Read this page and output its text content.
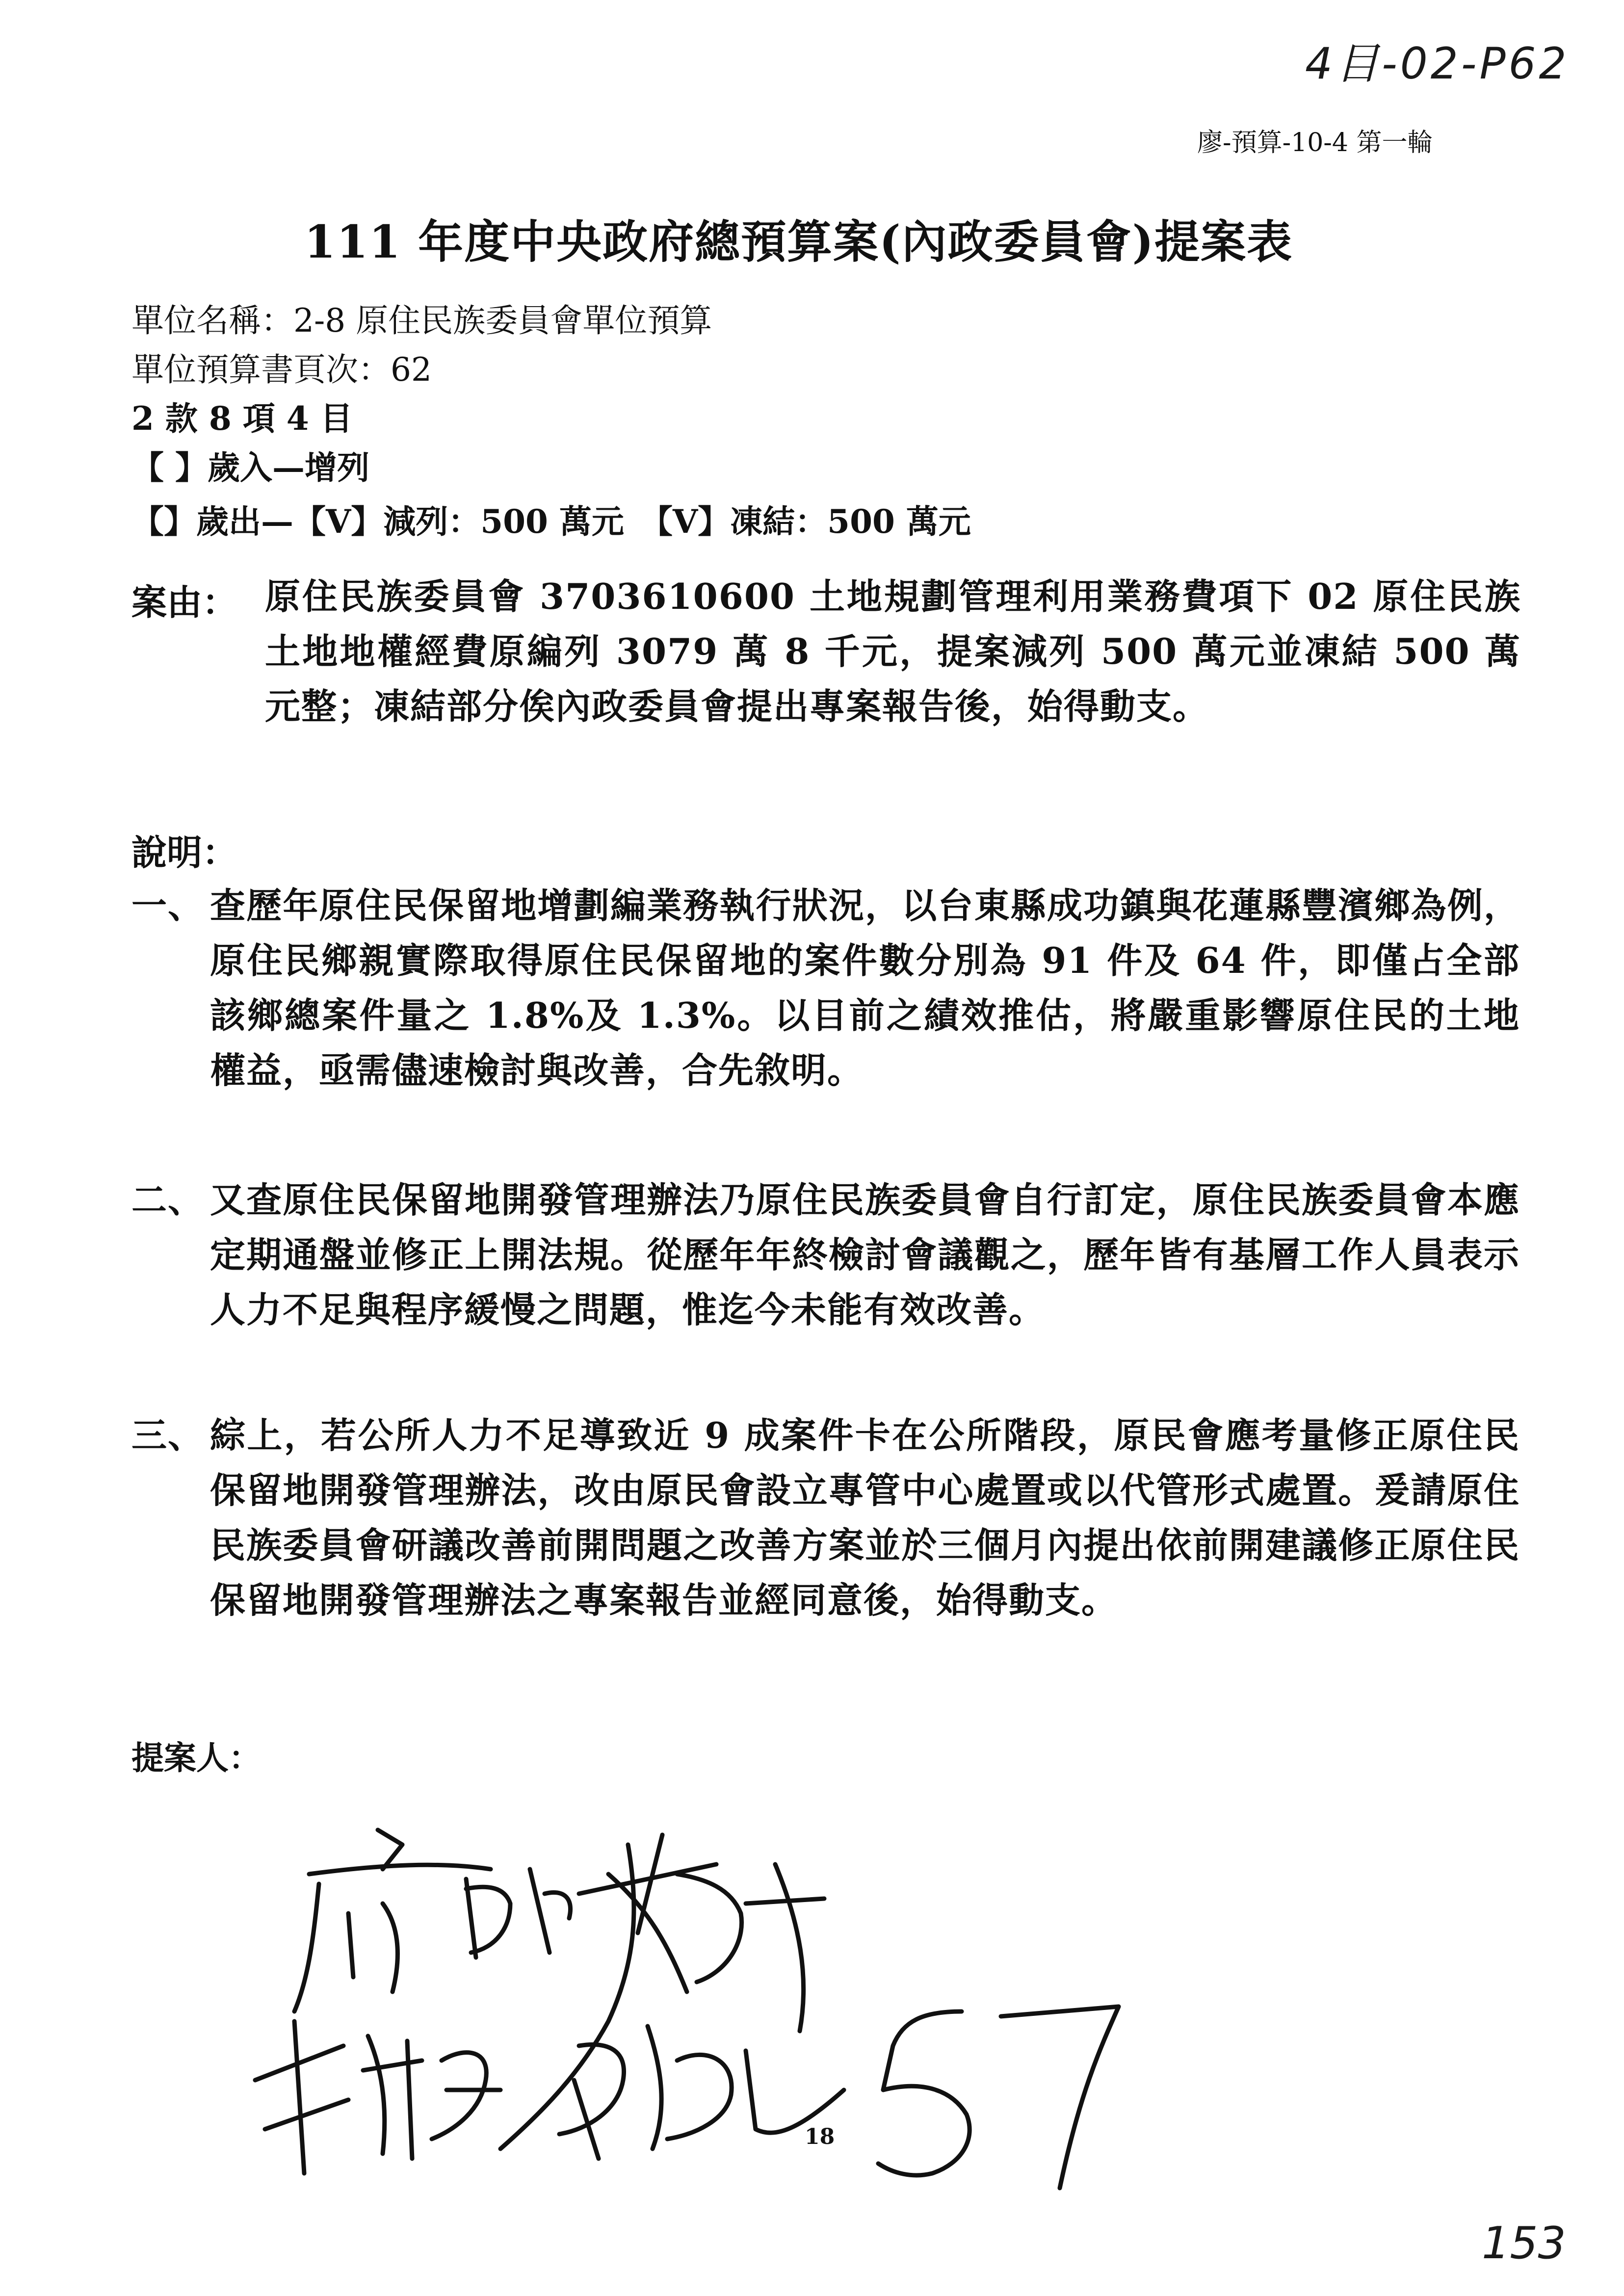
4目-02-P62
廖-預算-10-4 第一輪
111 年度中央政府總預算案(內政委員會)提案表
單位名稱：2-8 原住民族委員會單位預算
單位預算書頁次：62
2 款 8 項 4 目
【 】歲入—增列
【】歲出—【V】減列：500 萬元　【V】凍結：500 萬元
案由： 原住民族委員會 3703610600 土地規劃管理利用業務費項下 02 原住民族土地地權經費原編列 3079 萬 8 千元，提案減列 500 萬元並凍結 500 萬元整；凍結部分俟內政委員會提出專案報告後，始得動支。
說明：
一、 查歷年原住民保留地增劃編業務執行狀況，以台東縣成功鎮與花蓮縣豐濱鄉為例，原住民鄉親實際取得原住民保留地的案件數分別為 91 件及 64 件，即僅占全部該鄉總案件量之 1.8%及 1.3%。以目前之績效推估，將嚴重影響原住民的土地權益，亟需儘速檢討與改善，合先敘明。
二、 又查原住民保留地開發管理辦法乃原住民族委員會自行訂定，原住民族委員會本應定期通盤並修正上開法規。從歷年年終檢討會議觀之，歷年皆有基層工作人員表示人力不足與程序緩慢之問題，惟迄今未能有效改善。
三、 綜上，若公所人力不足導致近 9 成案件卡在公所階段，原民會應考量修正原住民保留地開發管理辦法，改由原民會設立專管中心處置或以代管形式處置。爰請原住民族委員會研議改善前開問題之改善方案並於三個月內提出依前開建議修正原住民保留地開發管理辦法之專案報告並經同意後，始得動支。
提案人：
18
153
